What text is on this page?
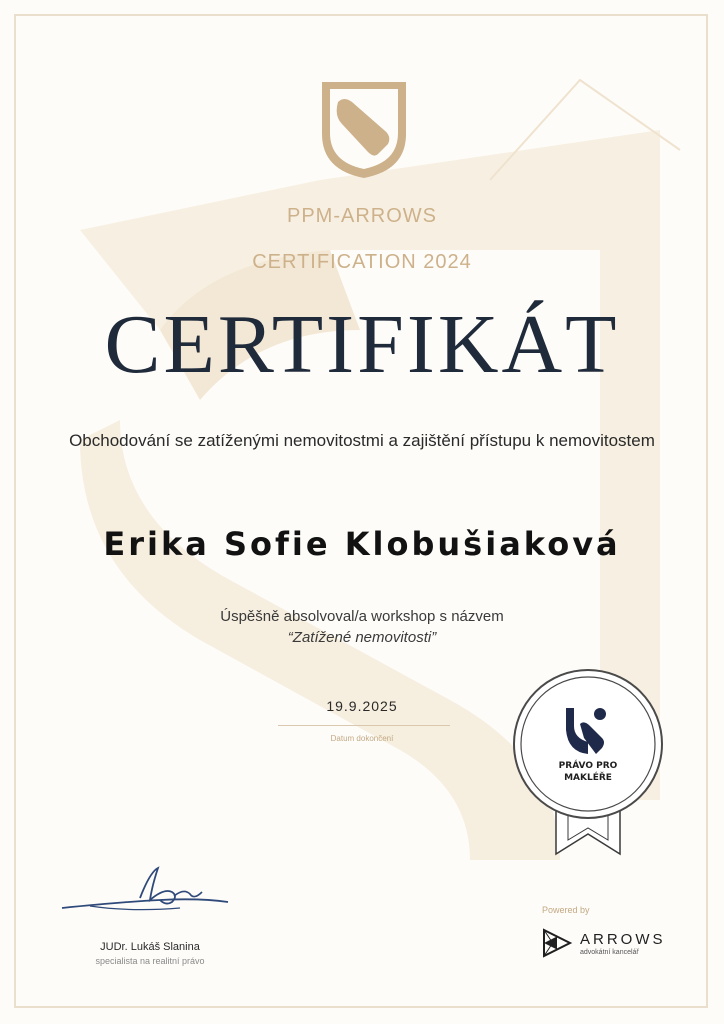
PPM-ARROWS
CERTIFICATION 2024
CERTIFIKÁT
Obchodování se zatíženými nemovitostmi a zajištění přístupu k nemovitostem
Erika Sofie Klobušiaková
Úspěšně absolvoval/a workshop s názvem
“Zatížené nemovitosti”
19.9.2025
Datum dokončení
PRÁVO PRO
MAKLÉŘE
JUDr. Lukáš Slanina
specialista na realitní právo
Powered by
ARROWS
advokátní kancelář
